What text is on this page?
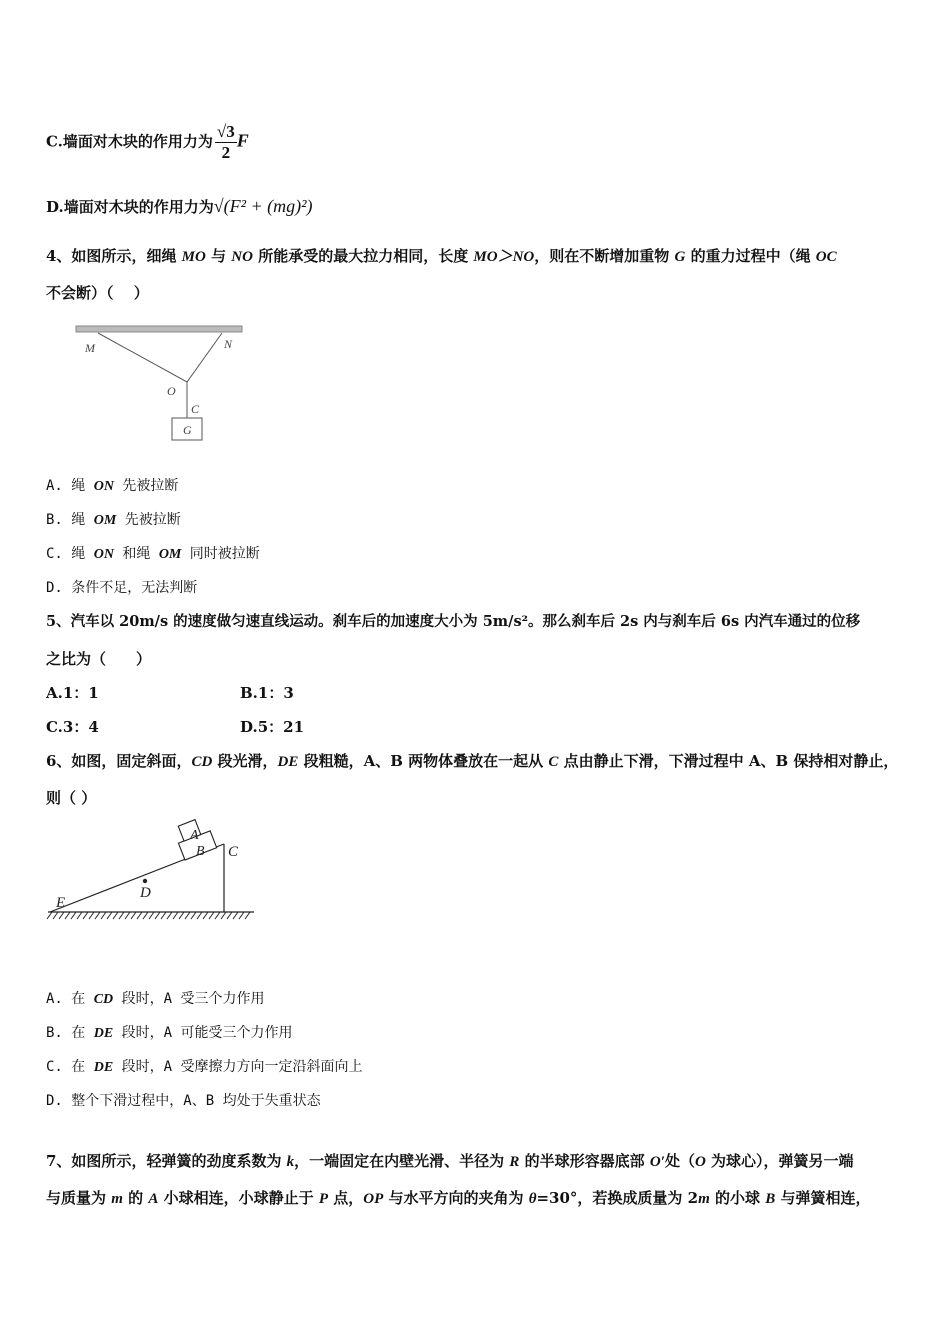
C.墙面对木块的作用力为 $\frac{√3}{2}$ F
D.墙面对木块的作用力为√(F² + (mg)²)
4、如图所示，细绳 MO 与 NO 所能承受的最大拉力相同，长度 MO＞NO，则在不断增加重物 G 的重力过程中（绳 OC
不会断）（　 ）
M	N
O
C
G
A. 绳 ON 先被拉断
B. 绳 OM 先被拉断
C. 绳 ON 和绳 OM 同时被拉断
D. 条件不足，无法判断
5、汽车以 20m/s 的速度做匀速直线运动。刹车后的加速度大小为 5m/s²。那么刹车后 2s 内与刹车后 6s 内汽车通过的位移
之比为（　　）
A.1：1	B.1：3
C.3：4	D.5：21
6、如图，固定斜面，CD 段光滑，DE 段粗糙，A、B 两物体叠放在一起从 C 点由静止下滑，下滑过程中 A、B 保持相对静止，
则（ ）
A
B C
D
E
A. 在 CD 段时，A 受三个力作用
B. 在 DE 段时，A 可能受三个力作用
C. 在 DE 段时，A 受摩擦力方向一定沿斜面向上
D. 整个下滑过程中，A、B 均处于失重状态
7、如图所示，轻弹簧的劲度系数为 k，一端固定在内壁光滑、半径为 R 的半球形容器底部 O′处（O 为球心），弹簧另一端
与质量为 m 的 A 小球相连，小球静止于 P 点，OP 与水平方向的夹角为 θ=30°，若换成质量为 2m 的小球 B 与弹簧相连，
